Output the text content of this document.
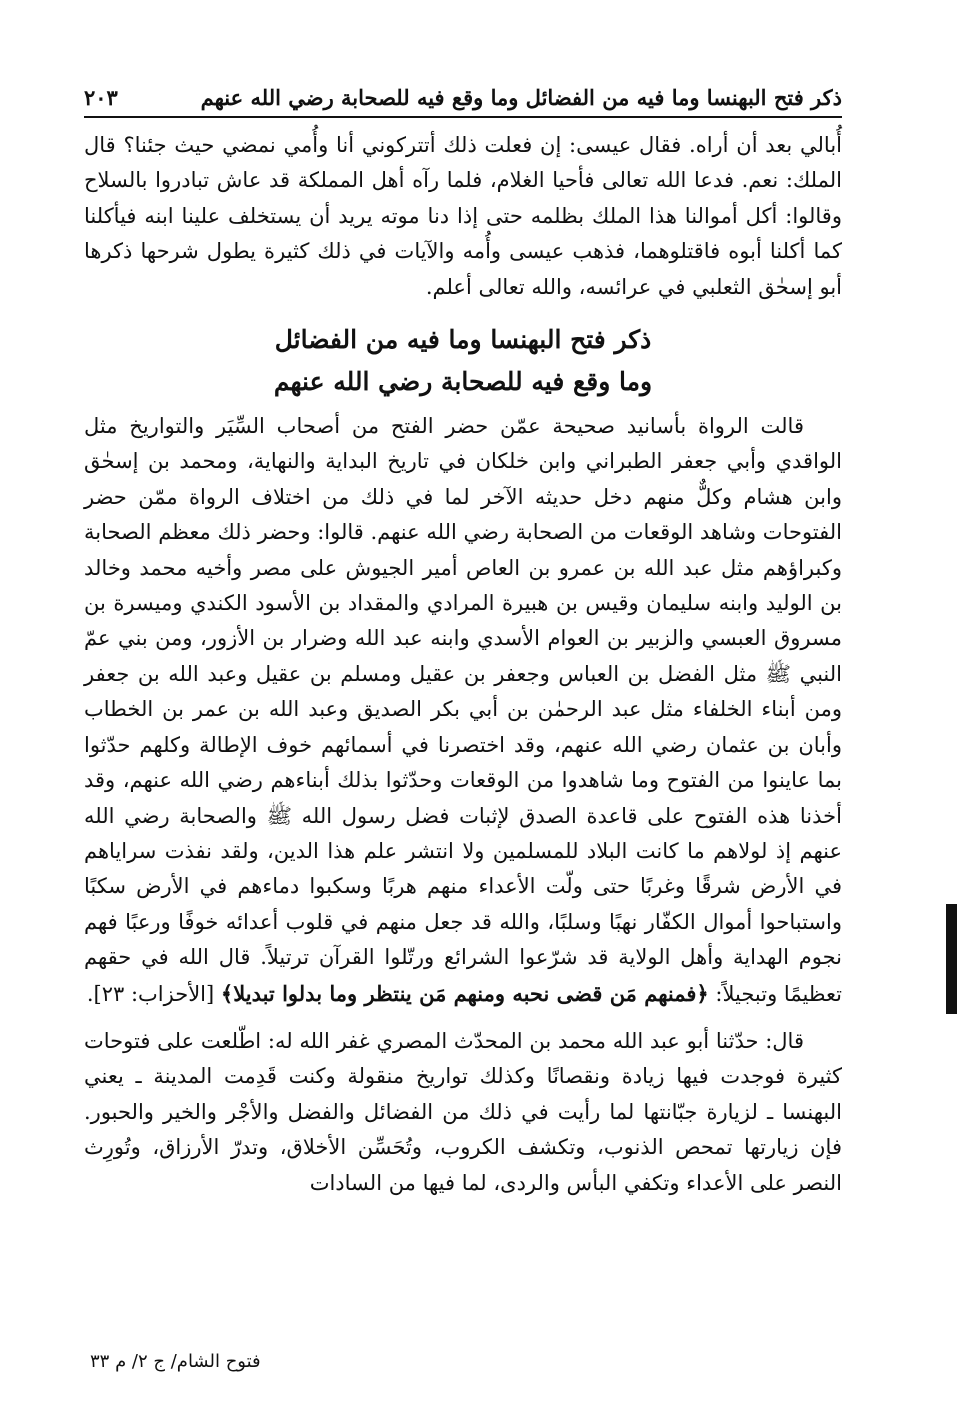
ذكر فتح البهنسا وما فيه من الفضائل وما وقع فيه للصحابة رضي الله عنهم
٢٠٣

أُبالي بعد أن أراه. فقال عيسى: إن فعلت ذلك أتتركوني أنا وأُمي نمضي حيث جئنا؟ قال الملك: نعم. فدعا الله تعالى فأحيا الغلام، فلما رآه أهل المملكة قد عاش تبادروا بالسلاح وقالوا: أكل أموالنا هذا الملك بظلمه حتى إذا دنا موته يريد أن يستخلف علينا ابنه فيأكلنا كما أكلنا أبوه فاقتلوهما، فذهب عيسى وأُمه والآيات في ذلك كثيرة يطول شرحها ذكرها أبو إسحٰق الثعلبي في عرائسه، والله تعالى أعلم.

ذكر فتح البهنسا وما فيه من الفضائل
وما وقع فيه للصحابة رضي الله عنهم

قالت الرواة بأسانيد صحيحة عمّن حضر الفتح من أصحاب السِّيَر والتواريخ مثل الواقدي وأبي جعفر الطبراني وابن خلكان في تاريخ البداية والنهاية، ومحمد بن إسحٰق وابن هشام وكلٌّ منهم دخل حديثه الآخر لما في ذلك من اختلاف الرواة ممّن حضر الفتوحات وشاهد الوقعات من الصحابة رضي الله عنهم. قالوا: وحضر ذلك معظم الصحابة وكبراؤهم مثل عبد الله بن عمرو بن العاص أمير الجيوش على مصر وأخيه محمد وخالد بن الوليد وابنه سليمان وقيس بن هبيرة المرادي والمقداد بن الأسود الكندي وميسرة بن مسروق العبسي والزبير بن العوام الأسدي وابنه عبد الله وضرار بن الأزور، ومن بني عمّ النبي ﷺ مثل الفضل بن العباس وجعفر بن عقيل ومسلم بن عقيل وعبد الله بن جعفر ومن أبناء الخلفاء مثل عبد الرحمٰن بن أبي بكر الصديق وعبد الله بن عمر بن الخطاب وأبان بن عثمان رضي الله عنهم، وقد اختصرنا في أسمائهم خوف الإطالة وكلهم حدّثوا بما عاينوا من الفتوح وما شاهدوا من الوقعات وحدّثوا بذلك أبناءهم رضي الله عنهم، وقد أخذنا هذه الفتوح على قاعدة الصدق لإثبات فضل رسول الله ﷺ والصحابة رضي الله عنهم إذ لولاهم ما كانت البلاد للمسلمين ولا انتشر علم هذا الدين، ولقد نفذت سراياهم في الأرض شرقًا وغربًا حتى ولّت الأعداء منهم هربًا وسكبوا دماءهم في الأرض سكبًا واستباحوا أموال الكفّار نهبًا وسلبًا، والله قد جعل منهم في قلوب أعدائه خوفًا ورعبًا فهم نجوم الهداية وأهل الولاية قد شرّعوا الشرائع ورتّلوا القرآن ترتيلاً. قال الله في حقهم تعظيمًا وتبجيلاً: ﴿فمنهم مَن قضى نحبه ومنهم مَن ينتظر وما بدلوا تبديلا﴾ [الأحزاب: ٢٣].

قال: حدّثنا أبو عبد الله محمد بن المحدّث المصري غفر الله له: اطّلعت على فتوحات كثيرة فوجدت فيها زيادة ونقصانًا وكذلك تواريخ منقولة وكنت قَدِمت المدينة ـ يعني البهنسا ـ لزيارة جبّانتها لما رأيت في ذلك من الفضائل والفضل والأجْر والخير والحبور. فإن زيارتها تمحص الذنوب، وتكشف الكروب، وتُحَسِّن الأخلاق، وتدرّ الأرزاق، وتُورِث النصر على الأعداء وتكفي البأس والردى، لما فيها من السادات

فتوح الشام/ ج ٢/ م ٣٣
